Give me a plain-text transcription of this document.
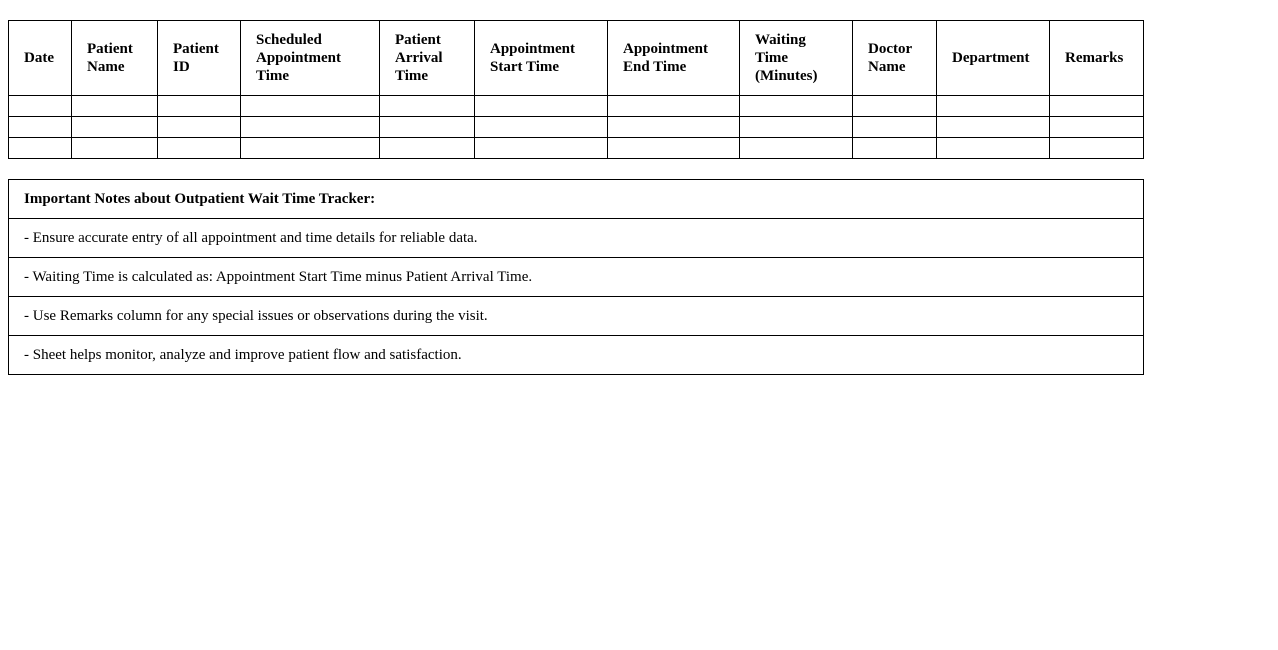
Date	Patient Name	Patient ID	Scheduled Appointment Time	Patient Arrival Time	Appointment Start Time	Appointment End Time	Waiting Time (Minutes)	Doctor Name	Department	Remarks

Important Notes about Outpatient Wait Time Tracker:
- Ensure accurate entry of all appointment and time details for reliable data.
- Waiting Time is calculated as: Appointment Start Time minus Patient Arrival Time.
- Use Remarks column for any special issues or observations during the visit.
- Sheet helps monitor, analyze and improve patient flow and satisfaction.
